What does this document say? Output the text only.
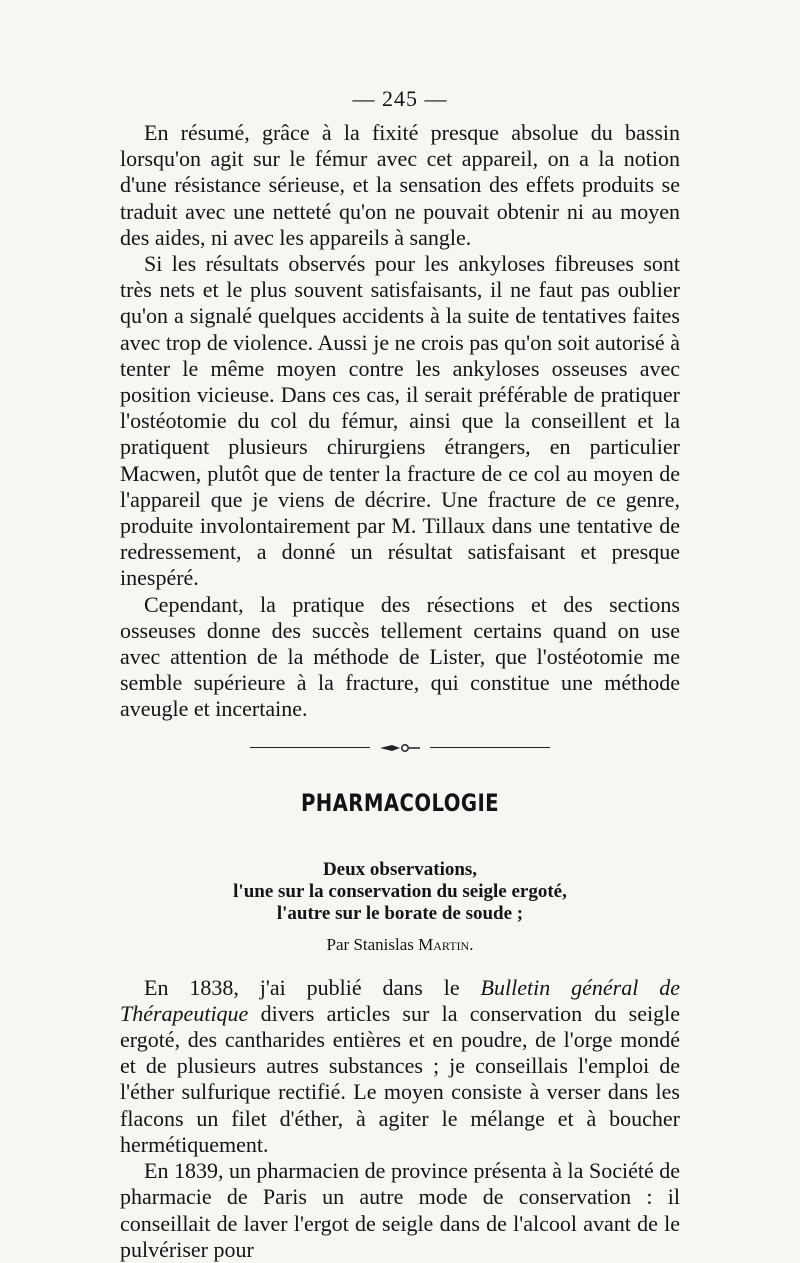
— 245 —

En résumé, grâce à la fixité presque absolue du bassin lorsqu'on agit sur le fémur avec cet appareil, on a la notion d'une résistance sérieuse, et la sensation des effets produits se traduit avec une netteté qu'on ne pouvait obtenir ni au moyen des aides, ni avec les appareils à sangle.

Si les résultats observés pour les ankyloses fibreuses sont très nets et le plus souvent satisfaisants, il ne faut pas oublier qu'on a signalé quelques accidents à la suite de tentatives faites avec trop de violence. Aussi je ne crois pas qu'on soit autorisé à tenter le même moyen contre les ankyloses osseuses avec position vicieuse. Dans ces cas, il serait préférable de pratiquer l'ostéotomie du col du fémur, ainsi que la conseillent et la pratiquent plusieurs chirurgiens étrangers, en particulier Macwen, plutôt que de tenter la fracture de ce col au moyen de l'appareil que je viens de décrire. Une fracture de ce genre, produite involontairement par M. Tillaux dans une tentative de redressement, a donné un résultat satisfaisant et presque inespéré.

Cependant, la pratique des résections et des sections osseuses donne des succès tellement certains quand on use avec attention de la méthode de Lister, que l'ostéotomie me semble supérieure à la fracture, qui constitue une méthode aveugle et incertaine.

PHARMACOLOGIE

Deux observations,

l'une sur la conservation du seigle ergoté,

l'autre sur le borate de soude ;

Par Stanislas Martin.

En 1838, j'ai publié dans le Bulletin général de Thérapeutique divers articles sur la conservation du seigle ergoté, des cantharides entières et en poudre, de l'orge mondé et de plusieurs autres substances ; je conseillais l'emploi de l'éther sulfurique rectifié. Le moyen consiste à verser dans les flacons un filet d'éther, à agiter le mélange et à boucher hermétiquement.

En 1839, un pharmacien de province présenta à la Société de pharmacie de Paris un autre mode de conservation : il conseillait de laver l'ergot de seigle dans de l'alcool avant de le pulvériser pour
